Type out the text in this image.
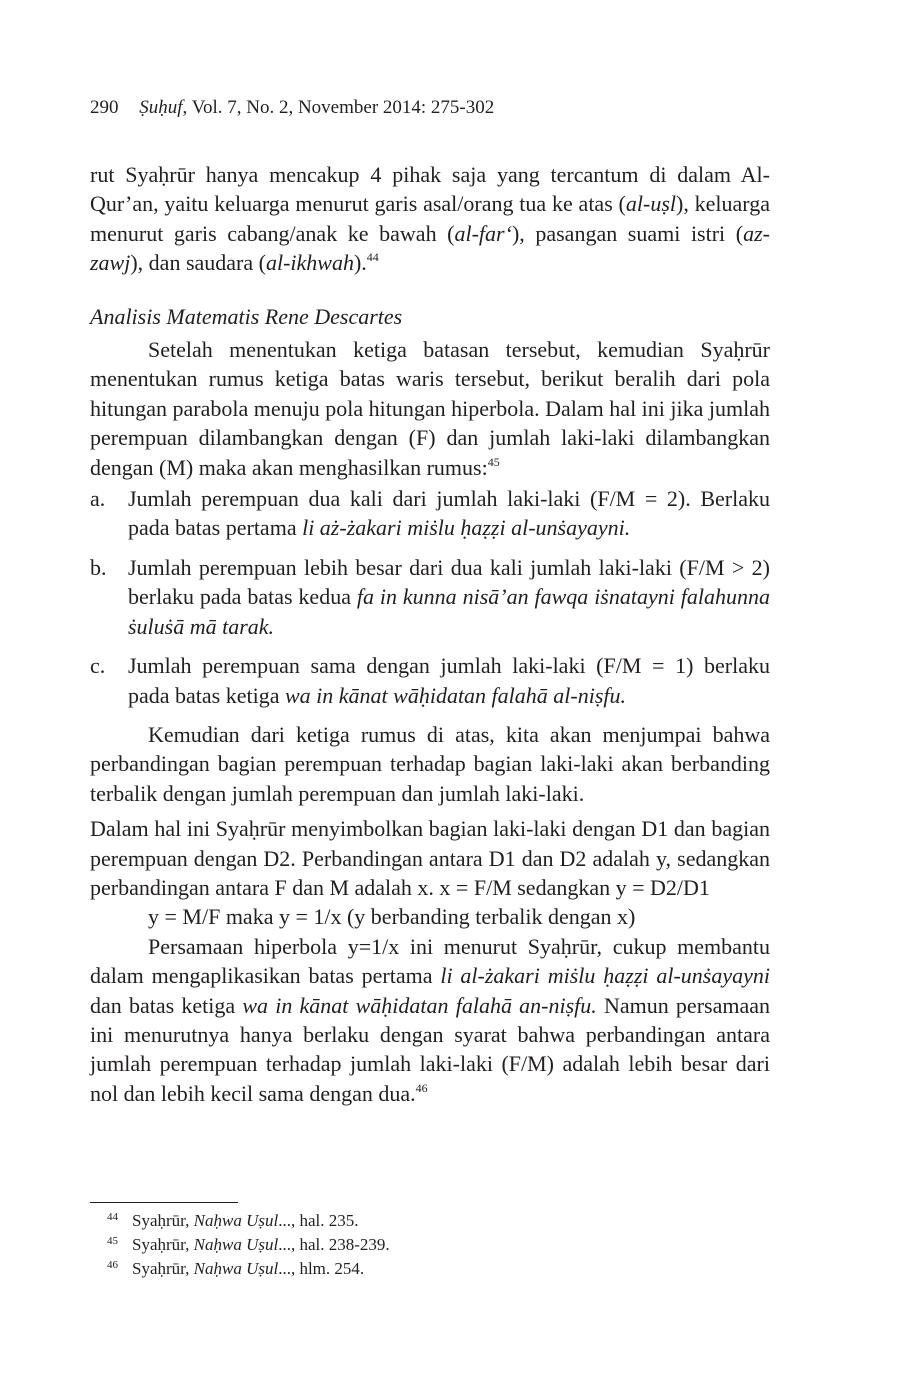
290 Ṣuḥuf, Vol. 7, No. 2, November 2014: 275-302

rut Syaḥrūr hanya mencakup 4 pihak saja yang tercantum di dalam Al-Qur’an, yaitu keluarga menurut garis asal/orang tua ke atas (al-uṣl), keluarga menurut garis cabang/anak ke bawah (al-far‘), pasangan suami istri (az-zawj), dan saudara (al-ikhwah).$^{44}$

Analisis Matematis Rene Descartes

Setelah menentukan ketiga batasan tersebut, kemudian Syaḥrūr menentukan rumus ketiga batas waris tersebut, berikut beralih dari pola hitungan parabola menuju pola hitungan hiperbola. Dalam hal ini jika jumlah perempuan dilambangkan dengan (F) dan jumlah laki-laki dilambangkan dengan (M) maka akan menghasilkan rumus:$^{45}$

a.	Jumlah perempuan dua kali dari jumlah laki-laki (F/M = 2). Berlaku pada batas pertama li aż-żakari miṡlu ḥaẓẓi al-unṡayayni.
b. Jumlah perempuan lebih besar dari dua kali jumlah laki-laki (F/M > 2) berlaku pada batas kedua fa in kunna nisā’an fawqa iṡnatayni falahunna ṡuluṡā mā tarak.
c.	Jumlah perempuan sama dengan jumlah laki-laki (F/M = 1) berlaku pada batas ketiga wa in kānat wāḥidatan falahā al-niṣfu.

Kemudian dari ketiga rumus di atas, kita akan menjumpai bahwa perbandingan bagian perempuan terhadap bagian laki-laki akan berbanding terbalik dengan jumlah perempuan dan jumlah laki-laki.

Dalam hal ini Syaḥrūr menyimbolkan bagian laki-laki dengan D1 dan bagian perempuan dengan D2. Perbandingan antara D1 dan D2 adalah y, sedangkan perbandingan antara F dan M adalah x. x = F/M sedangkan y = D2/D1

y = M/F maka y = 1/x (y berbanding terbalik dengan x)

Persamaan hiperbola y=1/x ini menurut Syaḥrūr, cukup membantu dalam mengaplikasikan batas pertama li al-żakari miṡlu ḥaẓẓi al-unṡayayni dan batas ketiga wa in kānat wāḥidatan falahā an-niṣfu. Namun persamaan ini menurutnya hanya berlaku dengan syarat bahwa perbandingan antara jumlah perempuan terhadap jumlah laki-laki (F/M) adalah lebih besar dari nol dan lebih kecil sama dengan dua.$^{46}$

44 Syaḥrūr, Naḥwa Uṣul..., hal. 235.
45 Syaḥrūr, Naḥwa Uṣul..., hal. 238-239.
46 Syaḥrūr, Naḥwa Uṣul..., hlm. 254.
